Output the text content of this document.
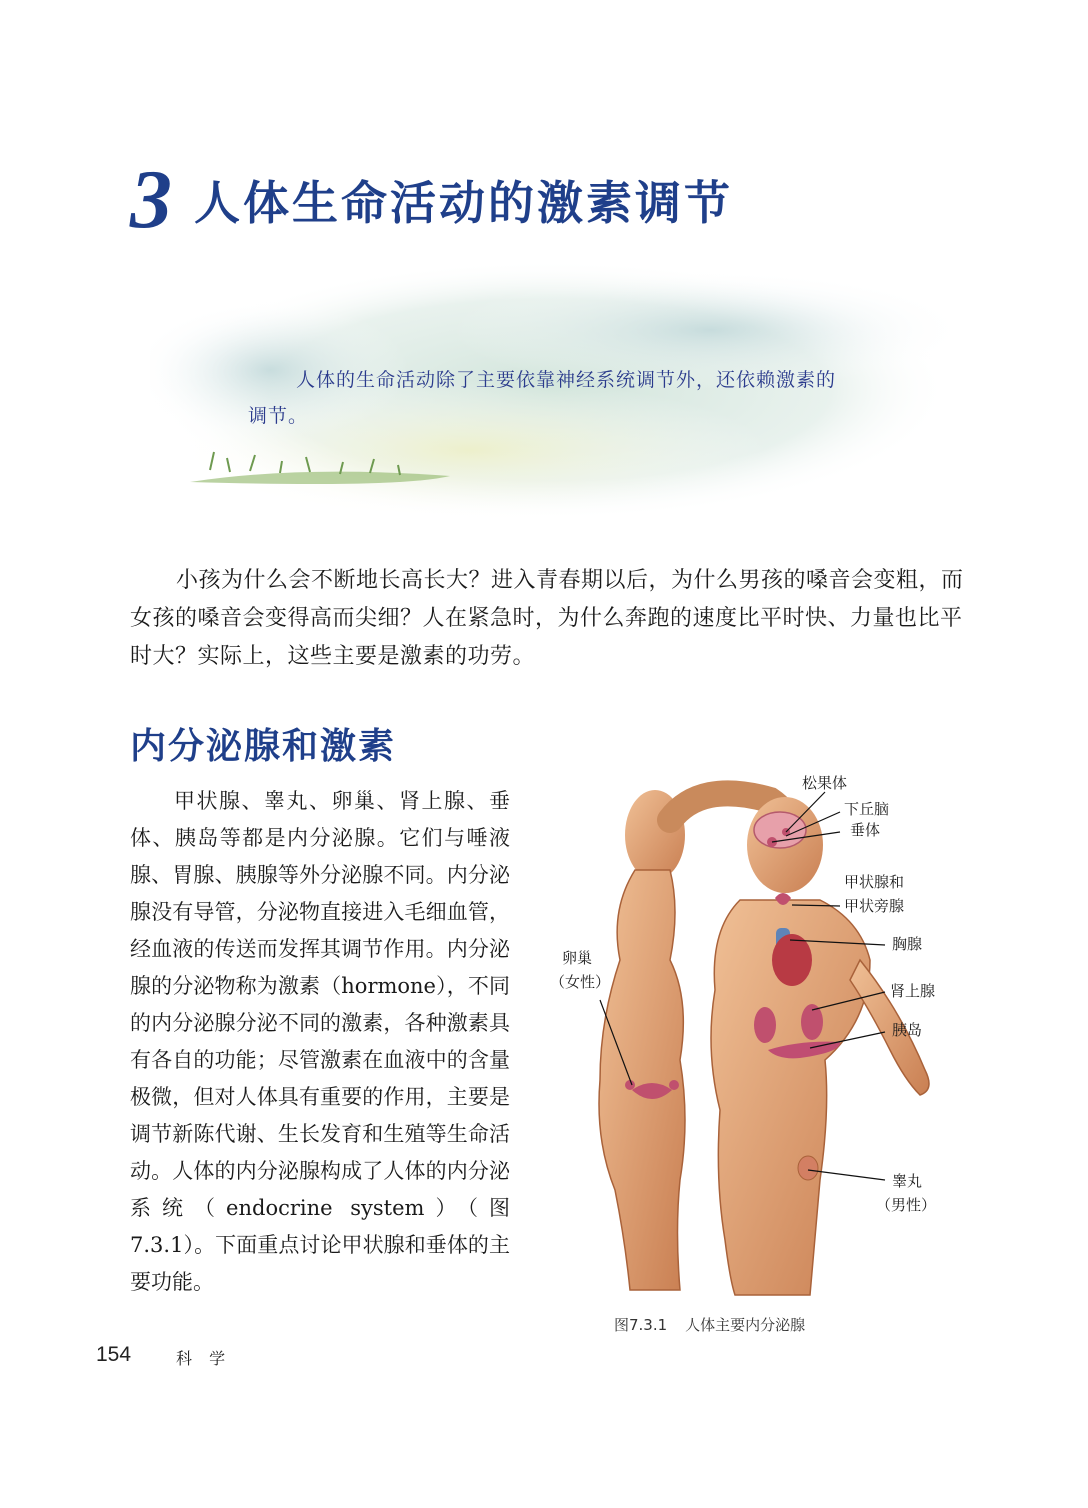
3 人体生命活动的激素调节
人体的生命活动除了主要依靠神经系统调节外，还依赖激素的调节。
小孩为什么会不断地长高长大？进入青春期以后，为什么男孩的嗓音会变粗，而女孩的嗓音会变得高而尖细？人在紧急时，为什么奔跑的速度比平时快、力量也比平时大？实际上，这些主要是激素的功劳。
内分泌腺和激素
甲状腺、睾丸、卵巢、肾上腺、垂体、胰岛等都是内分泌腺。它们与唾液腺、胃腺、胰腺等外分泌腺不同。内分泌腺没有导管，分泌物直接进入毛细血管，经血液的传送而发挥其调节作用。内分泌腺的分泌物称为激素（hormone），不同的内分泌腺分泌不同的激素，各种激素具有各自的功能；尽管激素在血液中的含量极微，但对人体具有重要的作用，主要是调节新陈代谢、生长发育和生殖等生命活动。人体的内分泌腺构成了人体的内分泌系统（endocrine system）（图7.3.1）。下面重点讨论甲状腺和垂体的主要功能。
松果体
下丘脑
垂体
甲状腺和
甲状旁腺
胸腺
肾上腺
胰岛
卵巢
（女性）
睾丸
（男性）
图7.3.1 人体主要内分泌腺
154	科 学
